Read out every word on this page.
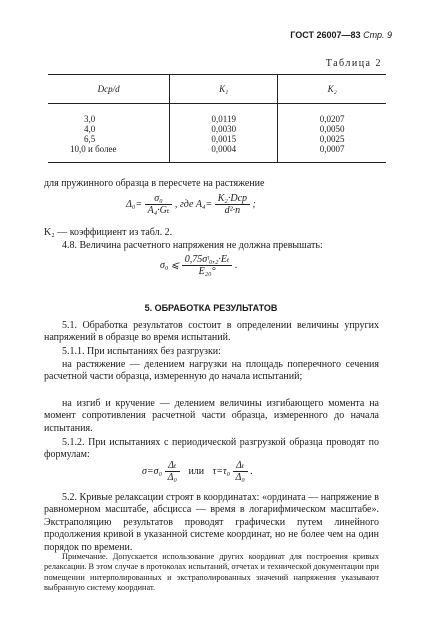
ГОСТ 26007—83 Стр. 9
Таблица 2
Dср/d	K₁	K₂
3,0	0,0119	0,0207
4,0	0,0030	0,0050
6,5	0,0015	0,0025
10,0 и более	0,0004	0,0007
для пружинного образца в пересчете на растяжение
$\Delta_0= \frac{\text{σ₀}}{\text{A₄·Gₜ}}$ , где $A_4= \frac{\text{K₂·Dср}}{\text{d²·n}}$ ;
K₂ — коэффициент из табл. 2.
4.8. Величина расчетного напряжения не должна превышать:
σ₀ ⩽ $\frac{\text{0,75σᵗ₀,₂·Eₜ}}{\text{E₂₀°}}$ .
5. ОБРАБОТКА РЕЗУЛЬТАТОВ
5.1. Обработка результатов состоит в определении величины упругих напряжений в образце во время испытаний.
5.1.1. При испытаниях без разгрузки:
на растяжение — делением нагрузки на площадь поперечного сечения расчетной части образца, измеренную до начала испытаний;
на изгиб и кручение — делением величины изгибающего момента на момент сопротивления расчетной части образца, измеренного до начала испытания.
5.1.2. При испытаниях с периодической разгрузкой образца проводят по формулам:
$\sigma=\sigma_0 \frac{\text{Δₜ}}{\text{Δ₀}}$ или $\tau=\tau_0 \frac{\text{Δₜ}}{\text{Δ₀}}$ .
5.2. Кривые релаксации строят в координатах: «ордината — напряжение в равномерном масштабе, абсцисса — время в логарифмическом масштабе». Экстраполяцию результатов проводят графически путем линейного продолжения кривой в указанной системе координат, но не более чем на один порядок по времени.
Примечание. Допускается использование других координат для построения кривых релаксации. В этом случае в протоколах испытаний, отчетах и технической документации при помещении интерполированных и экстраполированных значений напряжения указывают выбранную систему координат.
